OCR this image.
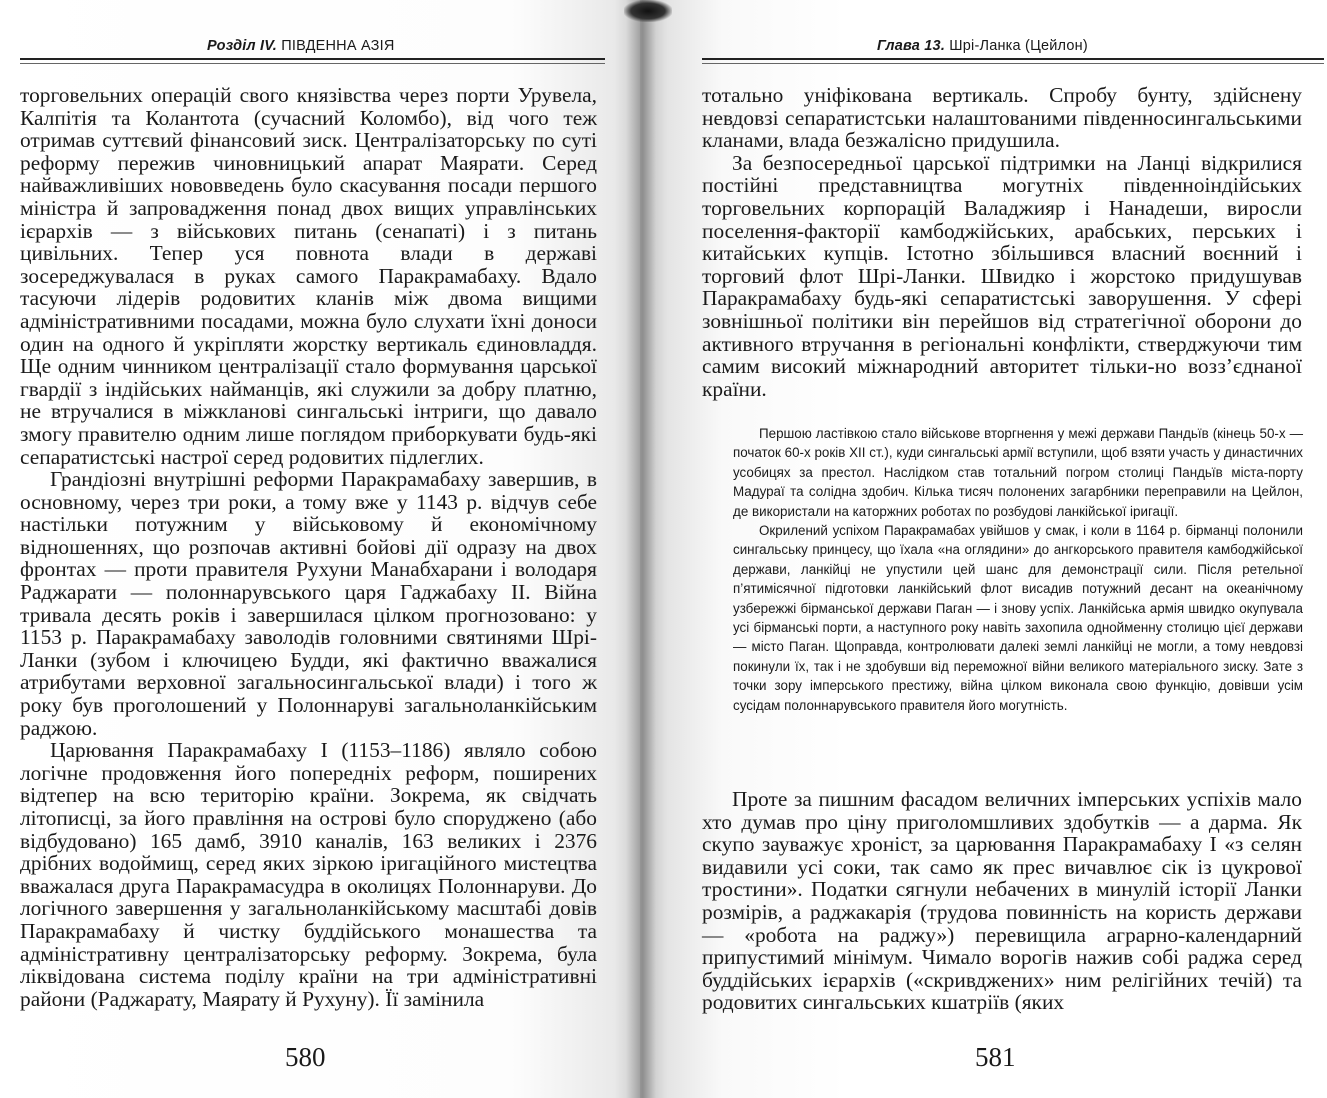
Розділ IV. ПІВДЕННА АЗІЯ

торговельних операцій свого князівства через порти Урувела, Калпітія та Колантота (сучасний Коломбо), від чого теж отримав суттєвий фінансовий зиск. Централізаторську по суті реформу пережив чиновницький апарат Маярати. Серед найважливіших нововведень було скасування посади першого міністра й запровадження понад двох вищих управлінських ієрархів — з військових питань (сенапаті) і з питань цивільних. Тепер уся повнота влади в державі зосереджувалася в руках самого Паракрамабаху. Вдало тасуючи лідерів родовитих кланів між двома вищими адміністративними посадами, можна було слухати їхні доноси один на одного й укріпляти жорстку вертикаль єдиновладдя. Ще одним чинником централізації стало формування царської гвардії з індійських найманців, які служили за добру платню, не втручалися в міжкланові сингальські інтриги, що давало змогу правителю одним лише поглядом приборкувати будь-які сепаратистські настрої серед родовитих підлеглих.

Грандіозні внутрішні реформи Паракрамабаху завершив, в основному, через три роки, а тому вже у 1143 р. відчув себе настільки потужним у військовому й економічному відношеннях, що розпочав активні бойові дії одразу на двох фронтах — проти правителя Рухуни Манабхарани і володаря Раджарати — полоннарувського царя Гаджабаху ІІ. Війна тривала десять років і завершилася цілком прогнозовано: у 1153 р. Паракрамабаху заволодів головними святинями Шрі-Ланки (зубом і ключицею Будди, які фактично вважалися атрибутами верховної загальносингальської влади) і того ж року був проголошений у Полоннаруві загальноланкійським раджою.

Царювання Паракрамабаху І (1153–1186) являло собою логічне продовження його попередніх реформ, поширених відтепер на всю територію країни. Зокрема, як свідчать літописці, за його правління на острові було споруджено (або відбудовано) 165 дамб, 3910 каналів, 163 великих і 2376 дрібних водоймищ, серед яких зіркою іригаційного мистецтва вважалася друга Паракрамасудра в околицях Полоннаруви. До логічного завершення у загальноланкійському масштабі довів Паракрамабаху й чистку буддійського монашества та адміністративну централізаторську реформу. Зокрема, була ліквідована система поділу країни на три адміністративні райони (Раджарату, Маярату й Рухуну). Її замінила

580
Глава 13. Шрі-Ланка (Цейлон)

тотально уніфікована вертикаль. Спробу бунту, здійснену невдовзі сепаратистськи налаштованими південносингальськими кланами, влада безжалісно придушила.

За безпосередньої царської підтримки на Ланці відкрилися постійні представництва могутніх південноіндійських торговельних корпорацій Валаджияр і Нанадеши, виросли поселення-факторії камбоджійських, арабських, перських і китайських купців. Істотно збільшився власний воєнний і торговий флот Шрі-Ланки. Швидко і жорстоко придушував Паракрамабаху будь-які сепаратистські заворушення. У сфері зовнішньої політики він перейшов від стратегічної оборони до активного втручання в регіональні конфлікти, стверджуючи тим самим високий міжнародний авторитет тільки-но возз’єднаної країни.

Першою ластівкою стало військове вторгнення у межі держави Пандьїв (кінець 50-х — початок 60-х років XII ст.), куди сингальські армії вступили, щоб взяти участь у династичних усобицях за престол. Наслідком став тотальний погром столиці Пандьїв міста-порту Мадураї та солідна здобич. Кілька тисяч полонених загарбники переправили на Цейлон, де використали на каторжних роботах по розбудові ланкійської іригації.

Окрилений успіхом Паракрамабах увійшов у смак, і коли в 1164 р. бірманці полонили сингальську принцесу, що їхала «на оглядини» до ангкорського правителя камбоджійської держави, ланкійці не упустили цей шанс для демонстрації сили. Після ретельної п’ятимісячної підготовки ланкійський флот висадив потужний десант на океанічному узбережжі бірманської держави Паган — і знову успіх. Ланкійська армія швидко окупувала усі бірманські порти, а наступного року навіть захопила однойменну столицю цієї держави — місто Паган. Щоправда, контролювати далекі землі ланкійці не могли, а тому невдовзі покинули їх, так і не здобувши від переможної війни великого матеріального зиску. Зате з точки зору імперського престижу, війна цілком виконала свою функцію, довівши усім сусідам полоннарувського правителя його могутність.

Проте за пишним фасадом величних імперських успіхів мало хто думав про ціну приголомшливих здобутків — а дарма. Як скупо зауважує хроніст, за царювання Паракрамабаху І «з селян видавили усі соки, так само як прес вичавлює сік із цукрової тростини». Податки сягнули небачених в минулій історії Ланки розмірів, а раджакарія (трудова повинність на користь держави — «робота на раджу») перевищила аграрно-календарний припустимий мінімум. Чимало ворогів нажив собі раджа серед буддійських ієрархів («скривджених» ним релігійних течій) та родовитих сингальських кшатріїв (яких

581
